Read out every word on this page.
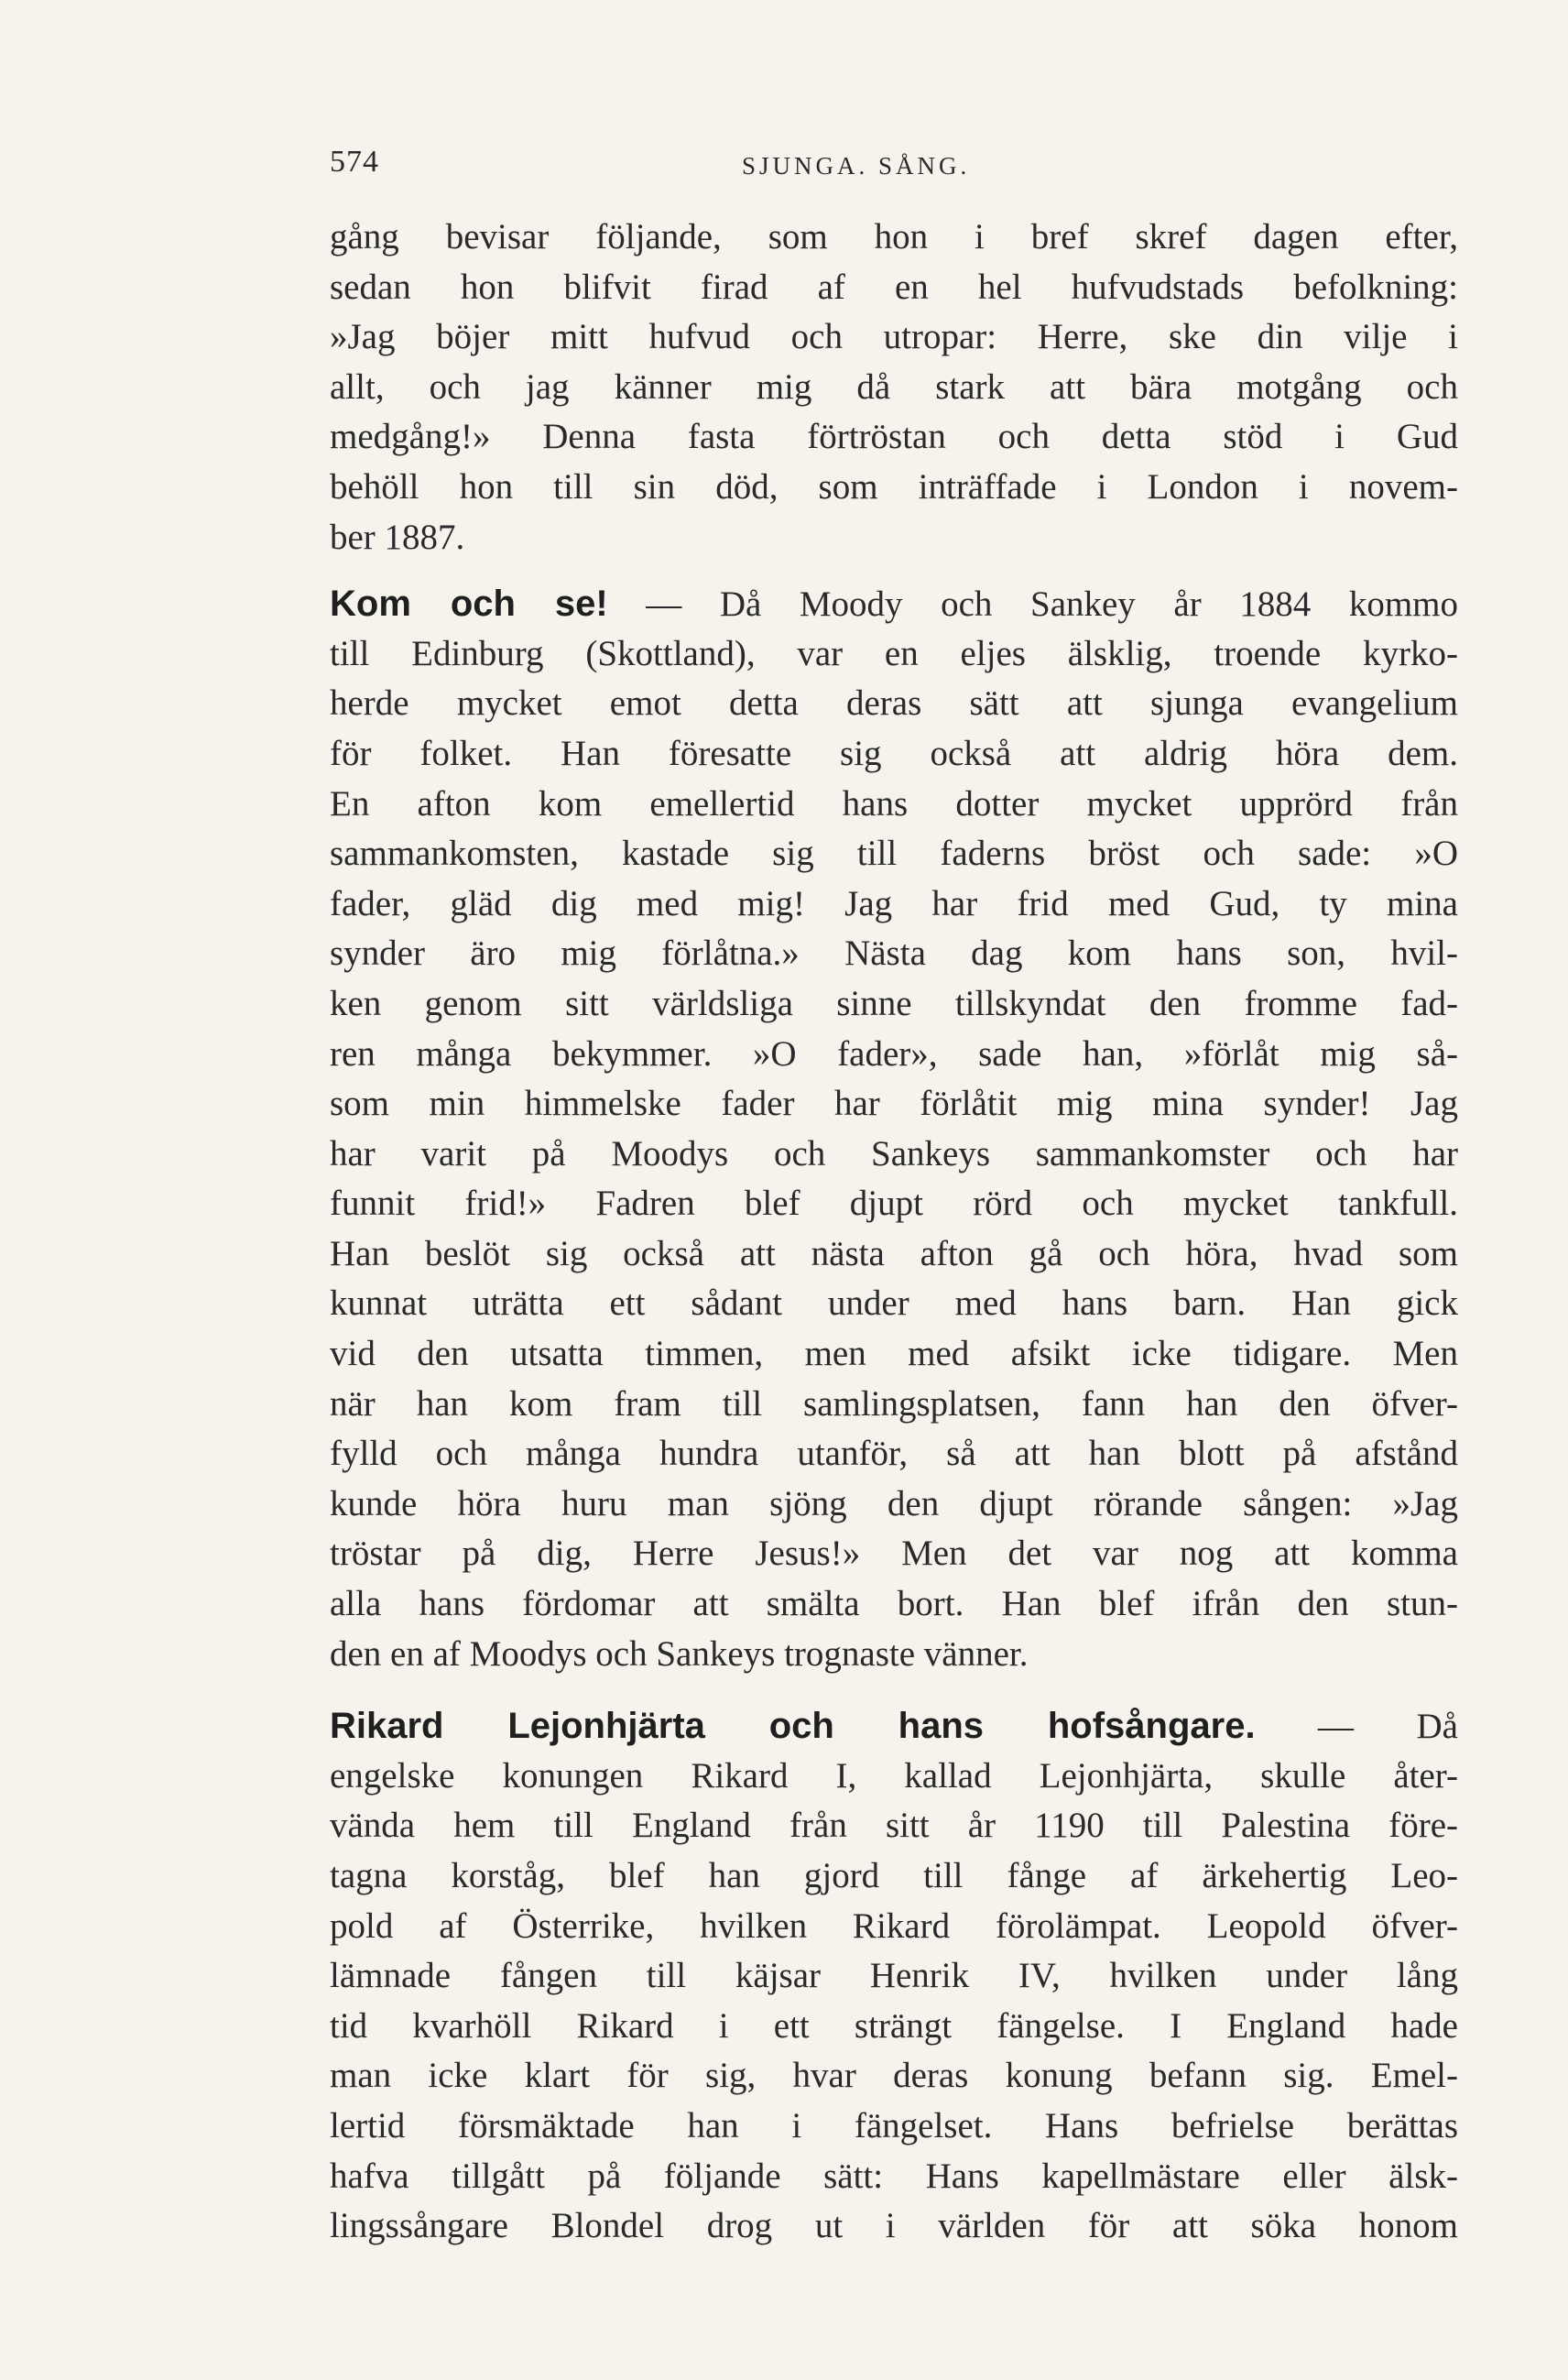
574	SJUNGA. SÅNG.
gång bevisar följande, som hon i bref skref dagen efter,
sedan hon blifvit firad af en hel hufvudstads befolkning:
»Jag böjer mitt hufvud och utropar: Herre, ske din vilje i
allt, och jag känner mig då stark att bära motgång och
medgång!» Denna fasta förtröstan och detta stöd i Gud
behöll hon till sin död, som inträffade i London i novem-
ber 1887.
Kom och se! — Då Moody och Sankey år 1884 kommo
till Edinburg (Skottland), var en eljes älsklig, troende kyrko-
herde mycket emot detta deras sätt att sjunga evangelium
för folket. Han föresatte sig också att aldrig höra dem.
En afton kom emellertid hans dotter mycket upprörd från
sammankomsten, kastade sig till faderns bröst och sade: »O
fader, gläd dig med mig! Jag har frid med Gud, ty mina
synder äro mig förlåtna.» Nästa dag kom hans son, hvil-
ken genom sitt världsliga sinne tillskyndat den fromme fad-
ren många bekymmer. »O fader», sade han, »förlåt mig så-
som min himmelske fader har förlåtit mig mina synder! Jag
har varit på Moodys och Sankeys sammankomster och har
funnit frid!» Fadren blef djupt rörd och mycket tankfull.
Han beslöt sig också att nästa afton gå och höra, hvad som
kunnat uträtta ett sådant under med hans barn. Han gick
vid den utsatta timmen, men med afsikt icke tidigare. Men
när han kom fram till samlingsplatsen, fann han den öfver-
fylld och många hundra utanför, så att han blott på afstånd
kunde höra huru man sjöng den djupt rörande sången: »Jag
tröstar på dig, Herre Jesus!» Men det var nog att komma
alla hans fördomar att smälta bort. Han blef ifrån den stun-
den en af Moodys och Sankeys trognaste vänner.
Rikard Lejonhjärta och hans hofsångare. — Då
engelske konungen Rikard I, kallad Lejonhjärta, skulle åter-
vända hem till England från sitt år 1190 till Palestina före-
tagna korståg, blef han gjord till fånge af ärkehertig Leo-
pold af Österrike, hvilken Rikard förolämpat. Leopold öfver-
lämnade fången till käjsar Henrik IV, hvilken under lång
tid kvarhöll Rikard i ett strängt fängelse. I England hade
man icke klart för sig, hvar deras konung befann sig. Emel-
lertid försmäktade han i fängelset. Hans befrielse berättas
hafva tillgått på följande sätt: Hans kapellmästare eller älsk-
lingssångare Blondel drog ut i världen för att söka honom
